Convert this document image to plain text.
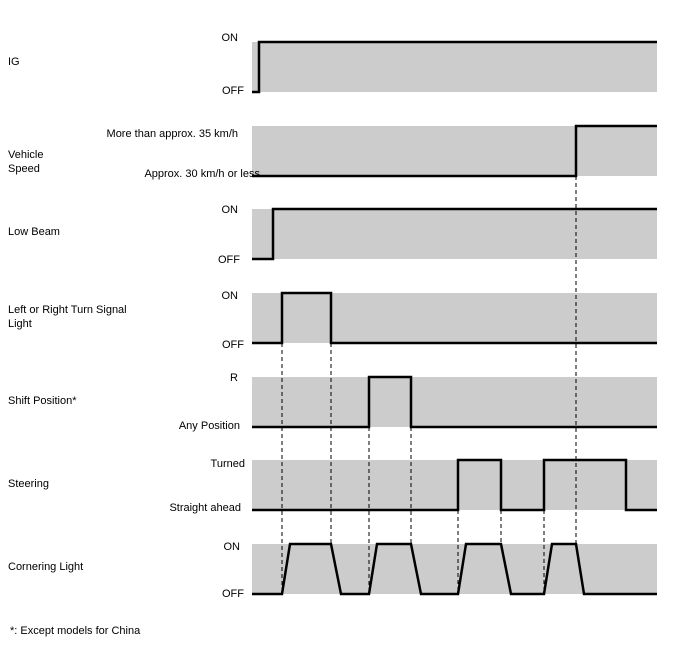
IG
Vehicle
Speed
Low Beam
Left or Right Turn Signal
Light
Shift Position*
Steering
Cornering Light
ON
More than approx. 35 km/h
ON
ON
R
Turned
ON
OFF
Approx. 30 km/h or less
OFF
OFF
Any Position
Straight ahead
OFF
*: Except models for China
